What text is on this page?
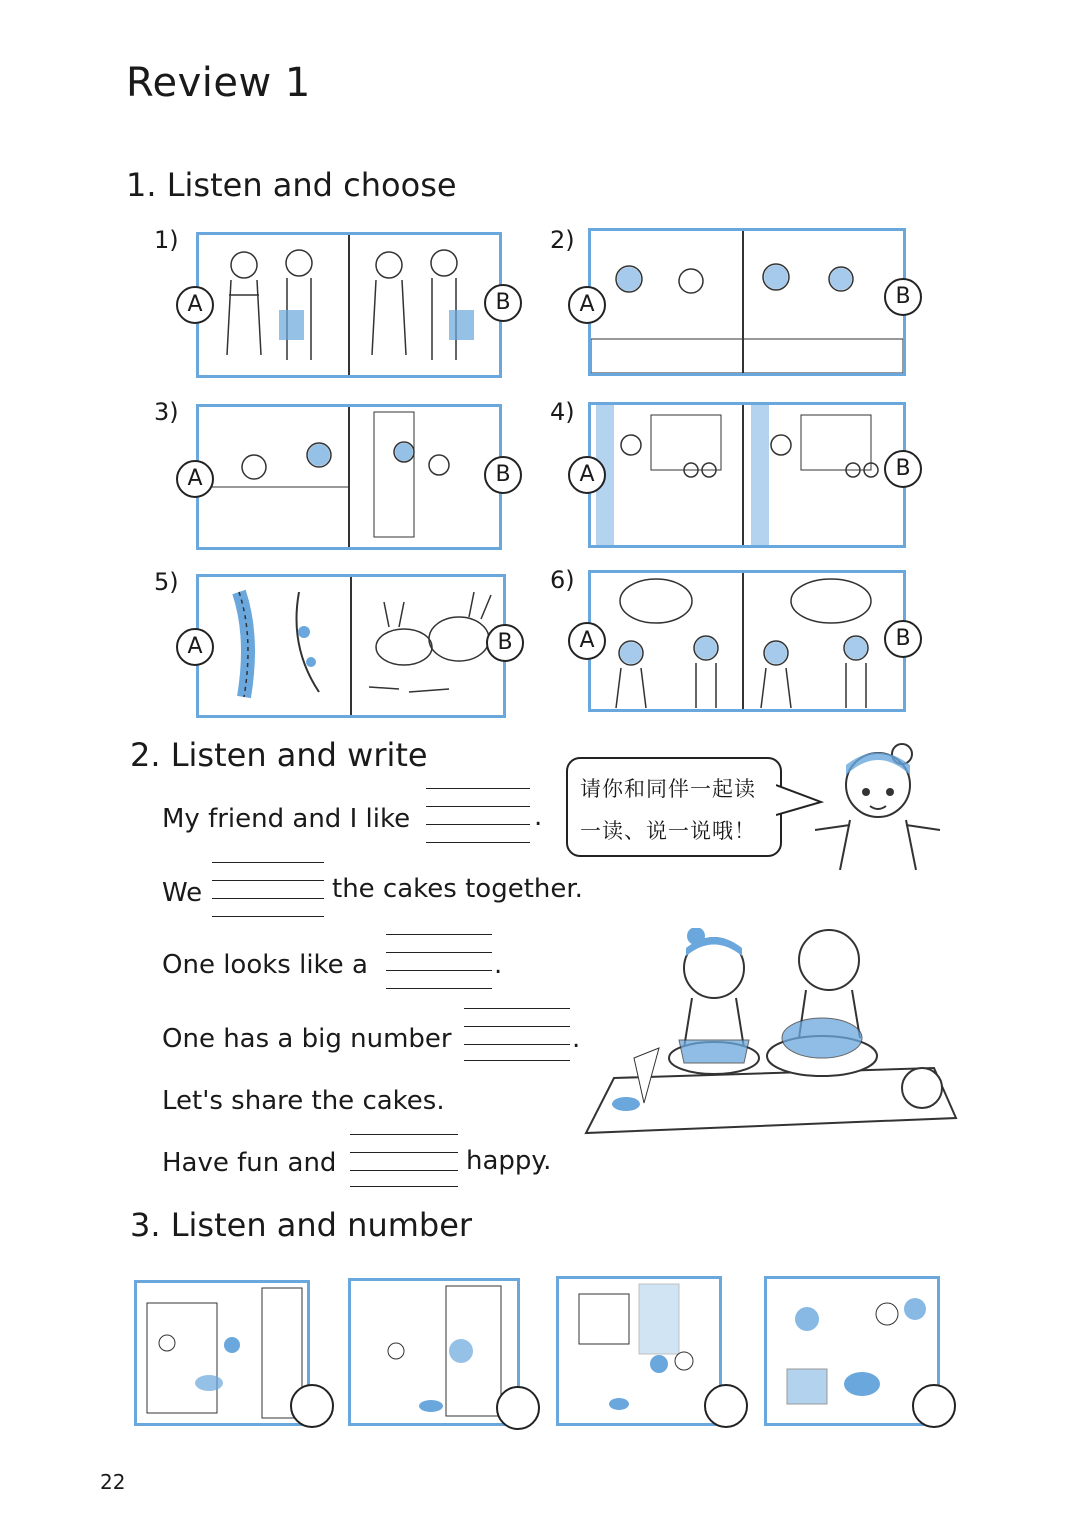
Review 1
1. Listen and choose
1)
A	B
2)
A	B
3)
A	B
4)
A	B
5)
A	B
6)
A	B
2. Listen and write
请你和同伴一起读
一读、说一说哦！
My friend and I like	.
We	the cakes together.
One looks like a	.
One has a big number	.
Let's share the cakes.
Have fun and	happy.
3. Listen and number
22
